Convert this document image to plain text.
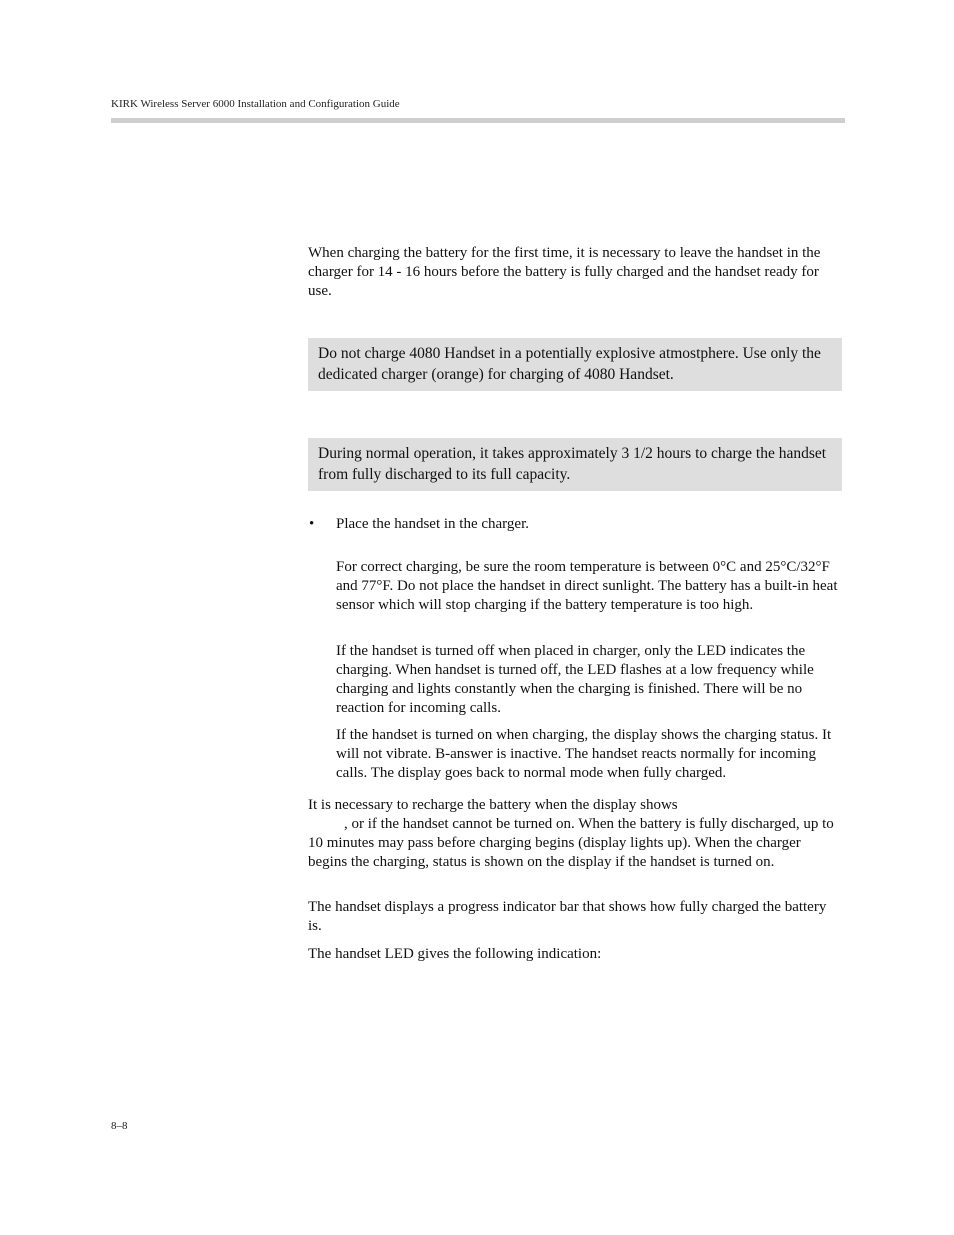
KIRK Wireless Server 6000 Installation and Configuration Guide

When charging the battery for the first time, it is necessary to leave the handset in the charger for 14 - 16 hours before the battery is fully charged and the handset ready for use.

Do not charge 4080 Handset in a potentially explosive atmostphere. Use only the dedicated charger (orange) for charging of 4080 Handset.
During normal operation, it takes approximately 3 1/2 hours to charge the handset from fully discharged to its full capacity.
•	Place the handset in the charger.

For correct charging, be sure the room temperature is between 0°C and 25°C/32°F and 77°F. Do not place the handset in direct sunlight. The battery has a built-in heat sensor which will stop charging if the battery temperature is too high.

If the handset is turned off when placed in charger, only the LED indicates the charging. When handset is turned off, the LED flashes at a low frequency while charging and lights constantly when the charging is finished. There will be no reaction for incoming calls.

If the handset is turned on when charging, the display shows the charging status. It will not vibrate. B-answer is inactive. The handset reacts normally for incoming calls. The display goes back to normal mode when fully charged.

It is necessary to recharge the battery when the display shows
, or if the handset cannot be turned on. When the battery is fully discharged, up to 10 minutes may pass before charging begins (display lights up). When the charger begins the charging, status is shown on the display if the handset is turned on.

The handset displays a progress indicator bar that shows how fully charged the battery is.

The handset LED gives the following indication:

8–8
